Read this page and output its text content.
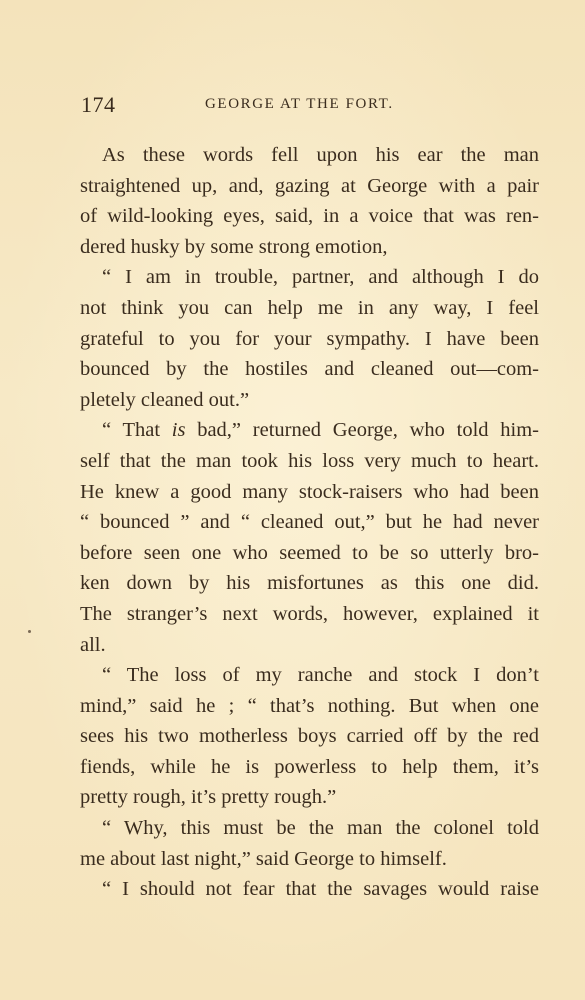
174	GEORGE AT THE FORT.
As these words fell upon his ear the man
straightened up, and, gazing at George with a pair
of wild-looking eyes, said, in a voice that was ren-
dered husky by some strong emotion,
“ I am in trouble, partner, and although I do
not think you can help me in any way, I feel
grateful to you for your sympathy. I have been
bounced by the hostiles and cleaned out—com-
pletely cleaned out.”
“ That is bad,” returned George, who told him-
self that the man took his loss very much to heart.
He knew a good many stock-raisers who had been
“ bounced ” and “ cleaned out,” but he had never
before seen one who seemed to be so utterly bro-
ken down by his misfortunes as this one did.
The stranger’s next words, however, explained it
all.
“ The loss of my ranche and stock I don’t
mind,” said he ; “ that’s nothing. But when one
sees his two motherless boys carried off by the red
fiends, while he is powerless to help them, it’s
pretty rough, it’s pretty rough.”
“ Why, this must be the man the colonel told
me about last night,” said George to himself.
“ I should not fear that the savages would raise
